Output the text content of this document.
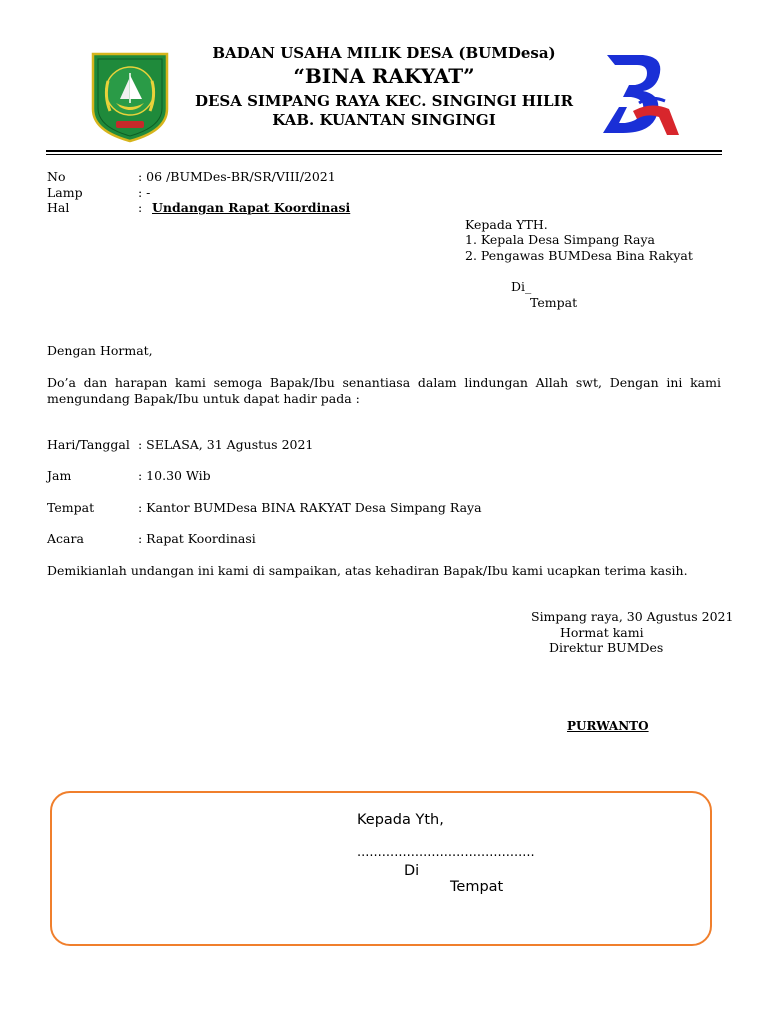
BADAN USAHA MILIK DESA (BUMDesa)
“BINA RAKYAT”
DESA SIMPANG RAYA KEC. SINGINGI HILIR
KAB. KUANTAN SINGINGI
No	: 06 /BUMDes-BR/SR/VIII/2021
Lamp	: -
Hal	: Undangan Rapat Koordinasi
Kepada YTH.
1. Kepala Desa Simpang Raya
2. Pengawas BUMDesa Bina Rakyat
Di_
Tempat
Dengan Hormat,
Do’a dan harapan kami semoga Bapak/Ibu senantiasa dalam lindungan Allah swt, Dengan ini kami mengundang Bapak/Ibu untuk dapat hadir pada :
Hari/Tanggal : SELASA, 31 Agustus 2021
Jam	: 10.30 Wib
Tempat	: Kantor BUMDesa BINA RAKYAT Desa Simpang Raya
Acara	: Rapat Koordinasi
Demikianlah undangan ini kami di sampaikan, atas kehadiran Bapak/Ibu kami ucapkan terima kasih.
Simpang raya, 30 Agustus 2021
Hormat kami
Direktur BUMDes
PURWANTO
Kepada Yth,
...........................................
Di
Tempat
